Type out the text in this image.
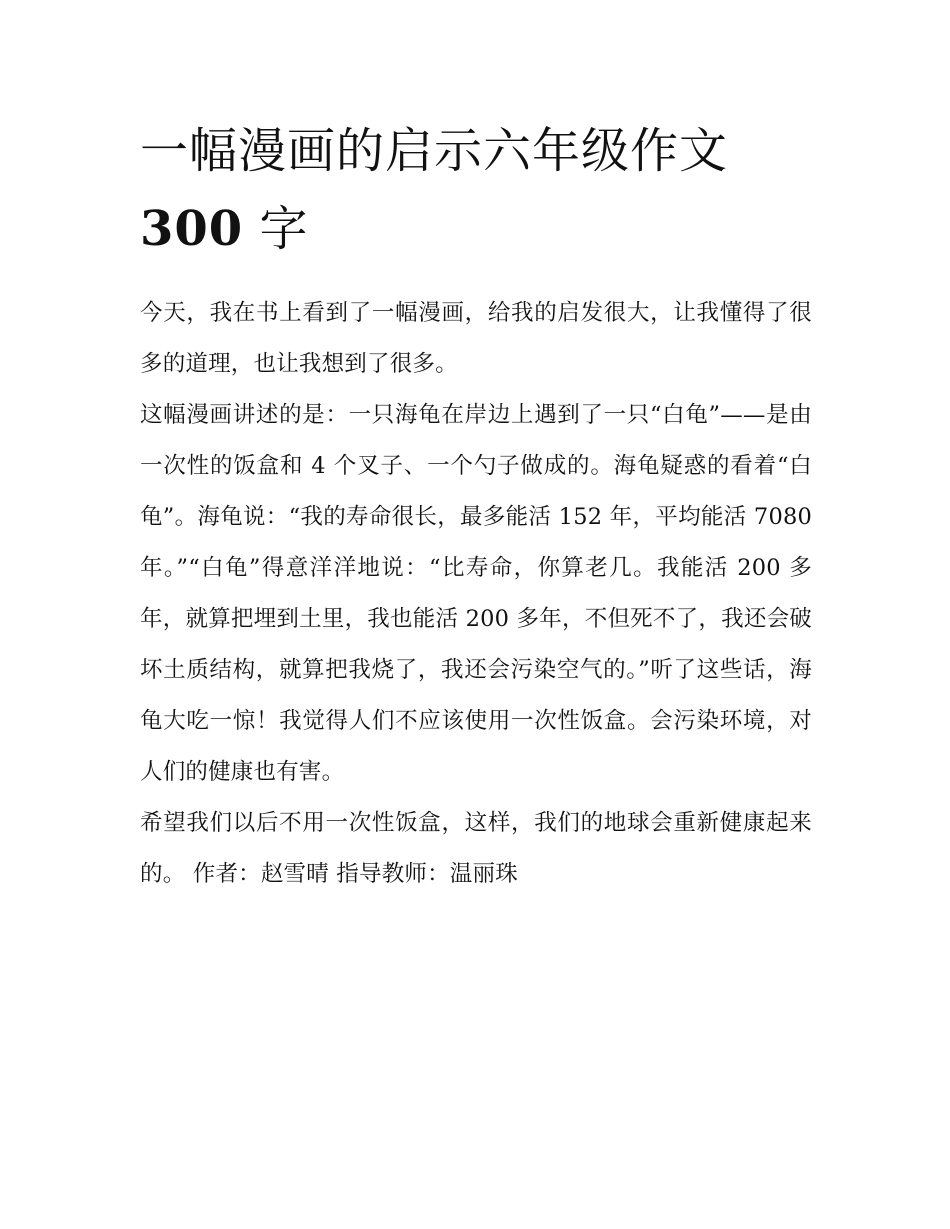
一幅漫画的启示六年级作文
300 字

今天，我在书上看到了一幅漫画，给我的启发很大，让我懂得了很多的道理，也让我想到了很多。

这幅漫画讲述的是：一只海龟在岸边上遇到了一只“白龟”——是由一次性的饭盒和 4 个叉子、一个勺子做成的。海龟疑惑的看着“白龟”。海龟说：“我的寿命很长，最多能活 152 年，平均能活 7080 年。”“白龟”得意洋洋地说：“比寿命，你算老几。我能活 200 多年，就算把埋到土里，我也能活 200 多年，不但死不了，我还会破坏土质结构，就算把我烧了，我还会污染空气的。”听了这些话，海龟大吃一惊！我觉得人们不应该使用一次性饭盒。会污染环境，对人们的健康也有害。

希望我们以后不用一次性饭盒，这样，我们的地球会重新健康起来的。 作者：赵雪晴 指导教师：温丽珠
